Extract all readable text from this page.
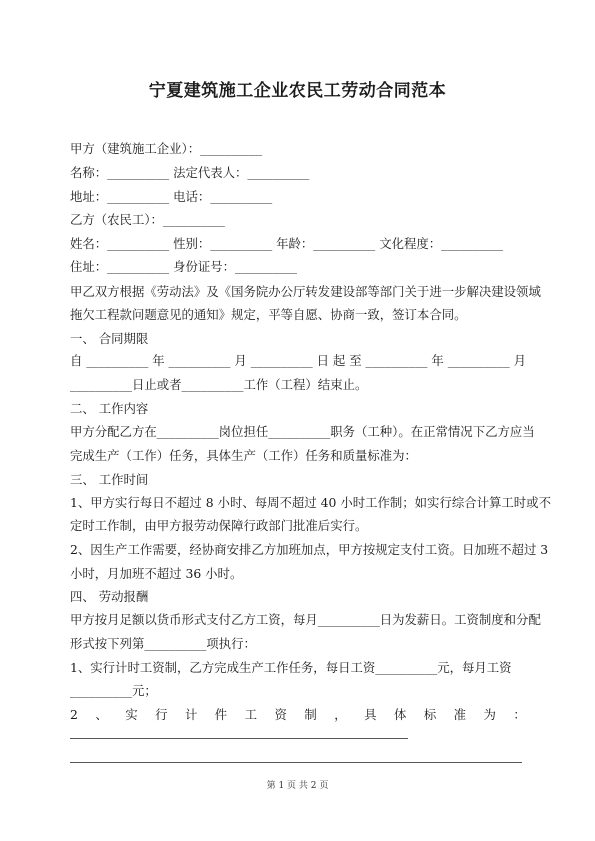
宁夏建筑施工企业农民工劳动合同范本
甲方（建筑施工企业）：__________
名称：__________ 法定代表人：__________
地址：__________ 电话：__________
乙方（农民工）：__________
姓名：__________ 性别：__________ 年龄：__________ 文化程度：__________
住址：__________ 身份证号：__________
甲乙双方根据《劳动法》及《国务院办公厅转发建设部等部门关于进一步解决建设领域
拖欠工程款问题意见的通知》规定，平等自愿、协商一致，签订本合同。
一、 合同期限
自 __________ 年 __________ 月 __________ 日 起 至 __________ 年 __________ 月
__________日止或者__________工作（工程）结束止。
二、 工作内容
甲方分配乙方在__________岗位担任__________职务（工种）。在正常情况下乙方应当
完成生产（工作）任务，具体生产（工作）任务和质量标准为：
三、 工作时间
1、甲方实行每日不超过 8 小时、每周不超过 40 小时工作制；如实行综合计算工时或不
定时工作制，由甲方报劳动保障行政部门批准后实行。
2、因生产工作需要，经协商安排乙方加班加点，甲方按规定支付工资。日加班不超过 3
小时，月加班不超过 36 小时。
四、 劳动报酬
甲方按月足额以货币形式支付乙方工资，每月__________日为发薪日。工资制度和分配
形式按下列第__________项执行：
1、实行计时工资制，乙方完成生产工作任务，每日工资__________元，每月工资
__________元；
2 、 实 行 计 件 工 资 制 ， 具 体 标 准 为 ：
第 1 页 共 2 页
